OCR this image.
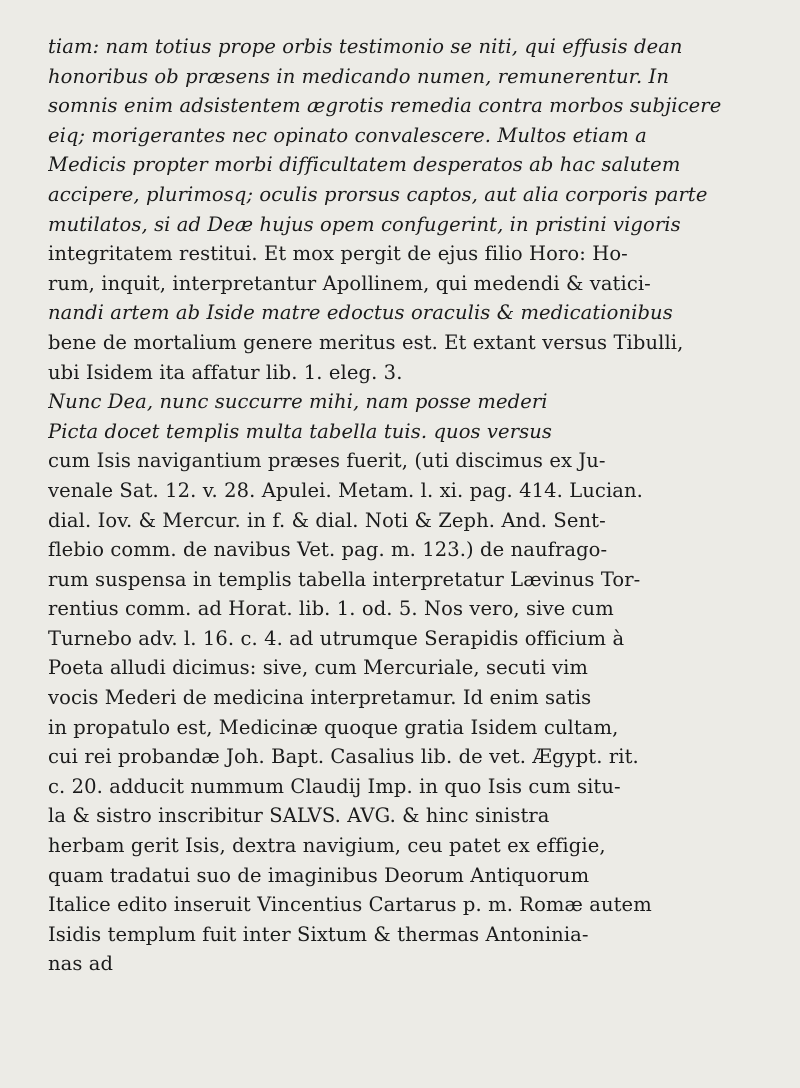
tiam: nam totius prope orbis testimonio se niti, qui effusis dean
honoribus ob præsens in medicando numen, remunerentur. In
somnis enim adsistentem ægrotis remedia contra morbos subjicere
eiq; morigerantes nec opinato convalescere. Multos etiam a
Medicis propter morbi difficultatem desperatos ab hac salutem
accipere, plurimosq; oculis prorsus captos, aut alia corporis parte
mutilatos, si ad Deæ hujus opem confugerint, in pristini vigoris
integritatem restitui. Et mox pergit de ejus filio Horo: Ho-
rum, inquit, interpretantur Apollinem, qui medendi & vatici-
nandi artem ab Iside matre edoctus oraculis & medicationibus
bene de mortalium genere meritus est. Et extant versus Tibulli,
ubi Isidem ita affatur lib. 1. eleg. 3.
Nunc Dea, nunc succurre mihi, nam posse mederi
Picta docet templis multa tabella tuis. quos versus
cum Isis navigantium præses fuerit, (uti discimus ex Ju-
venale Sat. 12. v. 28. Apulei. Metam. l. xi. pag. 414. Lucian.
dial. Iov. & Mercur. in f. & dial. Noti & Zeph. And. Sent-
flebio comm. de navibus Vet. pag. m. 123.) de naufrago-
rum suspensa in templis tabella interpretatur Lævinus Tor-
rentius comm. ad Horat. lib. 1. od. 5. Nos vero, sive cum
Turnebo adv. l. 16. c. 4. ad utrumque Serapidis officium à
Poeta alludi dicimus: sive, cum Mercuriale, secuti vim
vocis Mederi de medicina interpretamur. Id enim satis
in propatulo est, Medicinæ quoque gratia Isidem cultam,
cui rei probandæ Joh. Bapt. Casalius lib. de vet. Ægypt. rit.
c. 20. adducit nummum Claudij Imp. in quo Isis cum situ-
la & sistro inscribitur SALVS. AVG. & hinc sinistra
herbam gerit Isis, dextra navigium, ceu patet ex effigie,
quam tradatui suo de imaginibus Deorum Antiquorum
Italice edito inseruit Vincentius Cartarus p. m. Romæ autem
Isidis templum fuit inter Sixtum & thermas Antoninia-
nas ad
